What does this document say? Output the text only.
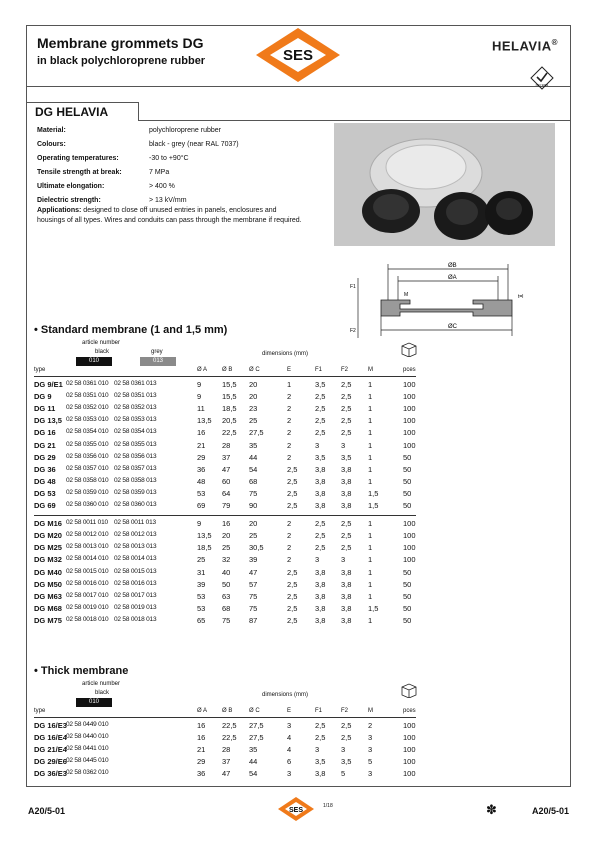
Membrane grommets DG
in black polychloroprene rubber	SES
HELAVIA®
ISO 9001
DG HELAVIA
Material:	polychloroprene rubber
Colours:	black - grey (near RAL 7037)
Operating temperatures:	-30 to +90°C
Tensile strength at break:	7 MPa
Ultimate elongation:	> 400 %
Dielectric strength:	> 13 kV/mm
Applications: designed to close off unused entries in panels, enclosures and housings of all types. Wires and conduits can pass through the membrane if required.
ØB
ØA
ØC
F1
F2
M	t=l
• Standard membrane (1 and 1,5 mm)
article number
black
010
grey
013
dimensions (mm)
type	Ø A Ø B	Ø C	E	F1	F2	M	pces
DG 9/E1 02 58 0361 010 02 58 0361 013	9	15,5 20	1	3,5 2,5 1	100
DG 9 02 58 0351 010 02 58 0351 013	9	15,5 20	2	2,5 2,5 1	100
DG 11 02 58 0352 010 02 58 0352 013	11 18,5 23	2	2,5 2,5 1	100
DG 13,5 02 58 0353 010 02 58 0353 013	13,5 20,5 25	2	2,5 2,5 1	100
DG 16 02 58 0354 010 02 58 0354 013	16 22,5 27,5	2	2,5 2,5 1	100
DG 21 02 58 0355 010 02 58 0355 013	21 28 35	2	3	3	1	100
DG 29 02 58 0356 010 02 58 0356 013	29 37 44	2	3,5 3,5 1	50
DG 36 02 58 0357 010 02 58 0357 013	36 47 54	2,5 3,8 3,8 1	50
DG 48 02 58 0358 010 02 58 0358 013	48 60 68	2,5 3,8 3,8 1	50
DG 53 02 58 0359 010 02 58 0359 013	53 64 75	2,5 3,8 3,8 1,5	50
DG 69 02 58 0360 010 02 58 0360 013	69 79 90	2,5 3,8 3,8 1,5	50
DG M16 02 58 0011 010 02 58 0011 013	9	16 20	2	2,5 2,5 1	100
DG M20 02 58 0012 010 02 58 0012 013	13,5 20 25	2	2,5 2,5 1	100
DG M25 02 58 0013 010 02 58 0013 013	18,5 25 30,5	2	2,5 2,5 1	100
DG M32 02 58 0014 010 02 58 0014 013	25 32 39	2	3	3	1	100
DG M40 02 58 0015 010 02 58 0015 013	31 40 47	2,5 3,8 3,8 1	50
DG M50 02 58 0016 010 02 58 0016 013	39 50 57	2,5 3,8 3,8 1	50
DG M63 02 58 0017 010 02 58 0017 013	53 63 75	2,5 3,8 3,8 1	50
DG M68 02 58 0019 010 02 58 0019 013	53 68 75	2,5 3,8 3,8 1,5	50
DG M75 02 58 0018 010 02 58 0018 013	65 75 87	2,5 3,8 3,8 1	50
• Thick membrane
article number
black
010
dimensions (mm)
type	Ø A Ø B	Ø C	E	F1	F2	M	pces
DG 16/E3 02 58 0449 010	16 22,5 27,5	3	2,5 2,5 2	100
DG 16/E4 02 58 0440 010	16 22,5 27,5	4	2,5 2,5 3	100
DG 21/E4 02 58 0441 010	21 28 35	4	3	3	3	100
DG 29/E6 02 58 0445 010	29 37 44	6	3,5 3,5 5	100
DG 36/E3 02 58 0362 010	36 47 54	3	3,8 5	3	100
SES
1/18
A20/5-01	✽	A20/5-01
